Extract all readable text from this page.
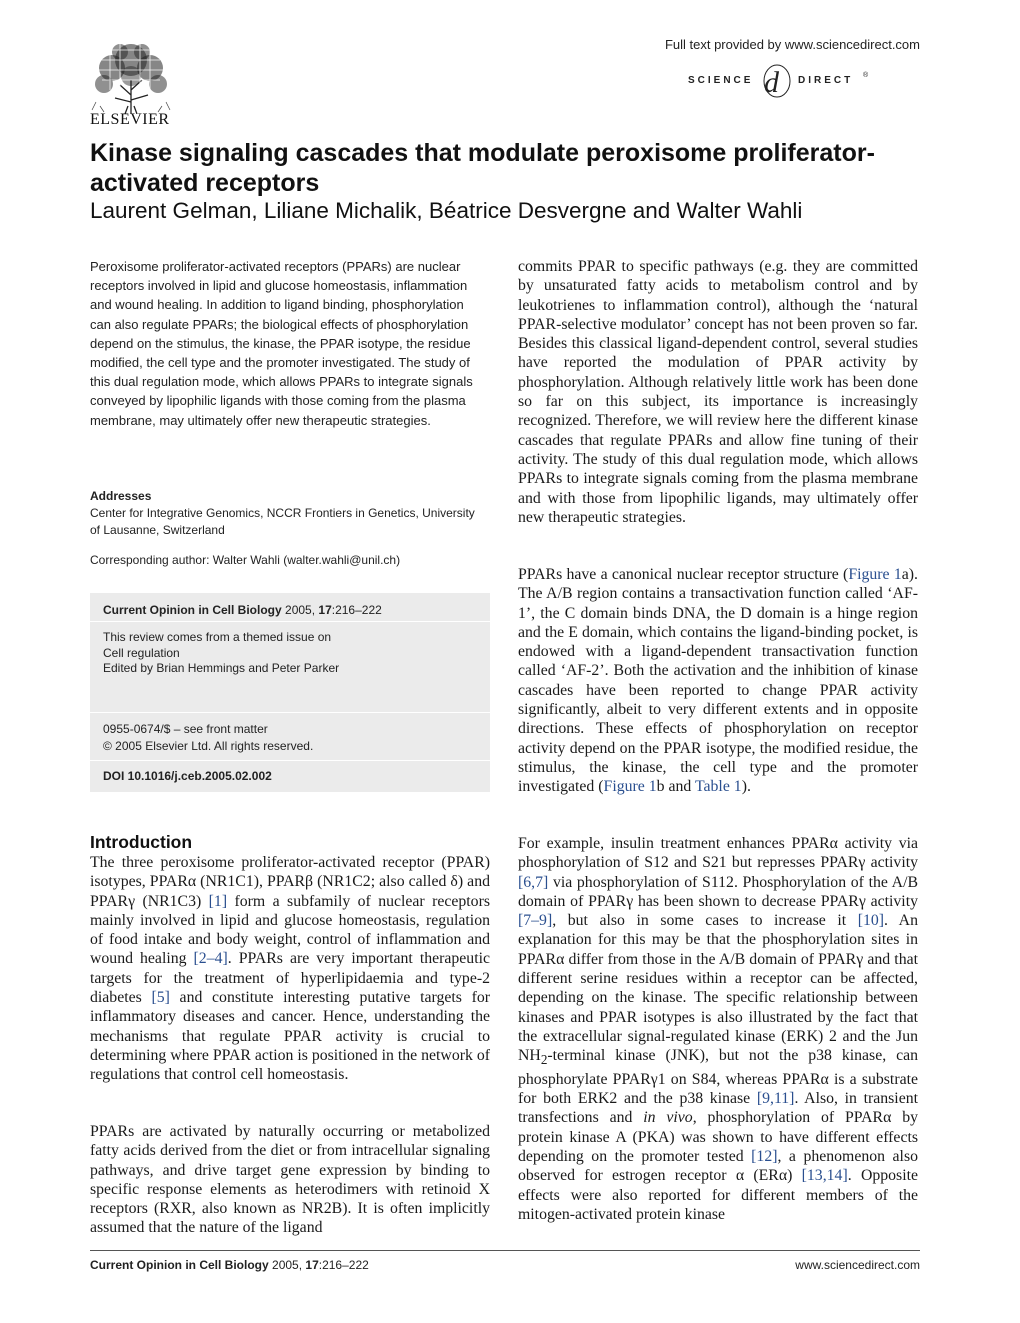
ELSEVIER
Full text provided by www.sciencedirect.com
SCIENCE d DIRECT ®
Kinase signaling cascades that modulate peroxisome proliferator-activated receptors
Laurent Gelman, Liliane Michalik, Béatrice Desvergne and Walter Wahli
Peroxisome proliferator-activated receptors (PPARs) are nuclear receptors involved in lipid and glucose homeostasis, inflammation and wound healing. In addition to ligand binding, phosphorylation can also regulate PPARs; the biological effects of phosphorylation depend on the stimulus, the kinase, the PPAR isotype, the residue modified, the cell type and the promoter investigated. The study of this dual regulation mode, which allows PPARs to integrate signals conveyed by lipophilic ligands with those coming from the plasma membrane, may ultimately offer new therapeutic strategies.
Addresses
Center for Integrative Genomics, NCCR Frontiers in Genetics, University of Lausanne, Switzerland
Corresponding author: Walter Wahli (walter.wahli@unil.ch)
Current Opinion in Cell Biology 2005, 17:216–222
This review comes from a themed issue on
Cell regulation
Edited by Brian Hemmings and Peter Parker
0955-0674/$ – see front matter
© 2005 Elsevier Ltd. All rights reserved.
DOI 10.1016/j.ceb.2005.02.002
Introduction
The three peroxisome proliferator-activated receptor (PPAR) isotypes, PPARα (NR1C1), PPARβ (NR1C2; also called δ) and PPARγ (NR1C3) [1] form a subfamily of nuclear receptors mainly involved in lipid and glucose homeostasis, regulation of food intake and body weight, control of inflammation and wound healing [2–4]. PPARs are very important therapeutic targets for the treatment of hyperlipidaemia and type-2 diabetes [5] and constitute interesting putative targets for inflammatory diseases and cancer. Hence, understanding the mechanisms that regulate PPAR activity is crucial to determining where PPAR action is positioned in the network of regulations that control cell homeostasis.
PPARs are activated by naturally occurring or metabolized fatty acids derived from the diet or from intracellular signaling pathways, and drive target gene expression by binding to specific response elements as heterodimers with retinoid X receptors (RXR, also known as NR2B). It is often implicitly assumed that the nature of the ligand
commits PPAR to specific pathways (e.g. they are committed by unsaturated fatty acids to metabolism control and by leukotrienes to inflammation control), although the ‘natural PPAR-selective modulator’ concept has not been proven so far. Besides this classical ligand-dependent control, several studies have reported the modulation of PPAR activity by phosphorylation. Although relatively little work has been done so far on this subject, its importance is increasingly recognized. Therefore, we will review here the different kinase cascades that regulate PPARs and allow fine tuning of their activity. The study of this dual regulation mode, which allows PPARs to integrate signals coming from the plasma membrane and with those from lipophilic ligands, may ultimately offer new therapeutic strategies.
PPARs have a canonical nuclear receptor structure (Figure 1a). The A/B region contains a transactivation function called ‘AF-1’, the C domain binds DNA, the D domain is a hinge region and the E domain, which contains the ligand-binding pocket, is endowed with a ligand-dependent transactivation function called ‘AF-2’. Both the activation and the inhibition of kinase cascades have been reported to change PPAR activity significantly, albeit to very different extents and in opposite directions. These effects of phosphorylation on receptor activity depend on the PPAR isotype, the modified residue, the stimulus, the kinase, the cell type and the promoter investigated (Figure 1b and Table 1).
For example, insulin treatment enhances PPARα activity via phosphorylation of S12 and S21 but represses PPARγ activity [6,7] via phosphorylation of S112. Phosphorylation of the A/B domain of PPARγ has been shown to decrease PPARγ activity [7–9], but also in some cases to increase it [10]. An explanation for this may be that the phosphorylation sites in PPARα differ from those in the A/B domain of PPARγ and that different serine residues within a receptor can be affected, depending on the kinase. The specific relationship between kinases and PPAR isotypes is also illustrated by the fact that the extracellular signal-regulated kinase (ERK) 2 and the Jun $NH_2$-terminal kinase (JNK), but not the p38 kinase, can phosphorylate PPARγ1 on S84, whereas PPARα is a substrate for both ERK2 and the p38 kinase [9,11]. Also, in transient transfections and in vivo, phosphorylation of PPARα by protein kinase A (PKA) was shown to have different effects depending on the promoter tested [12], a phenomenon also observed for estrogen receptor α (ERα) [13,14]. Opposite effects were also reported for different members of the mitogen-activated protein kinase
Current Opinion in Cell Biology 2005, 17:216–222	www.sciencedirect.com
